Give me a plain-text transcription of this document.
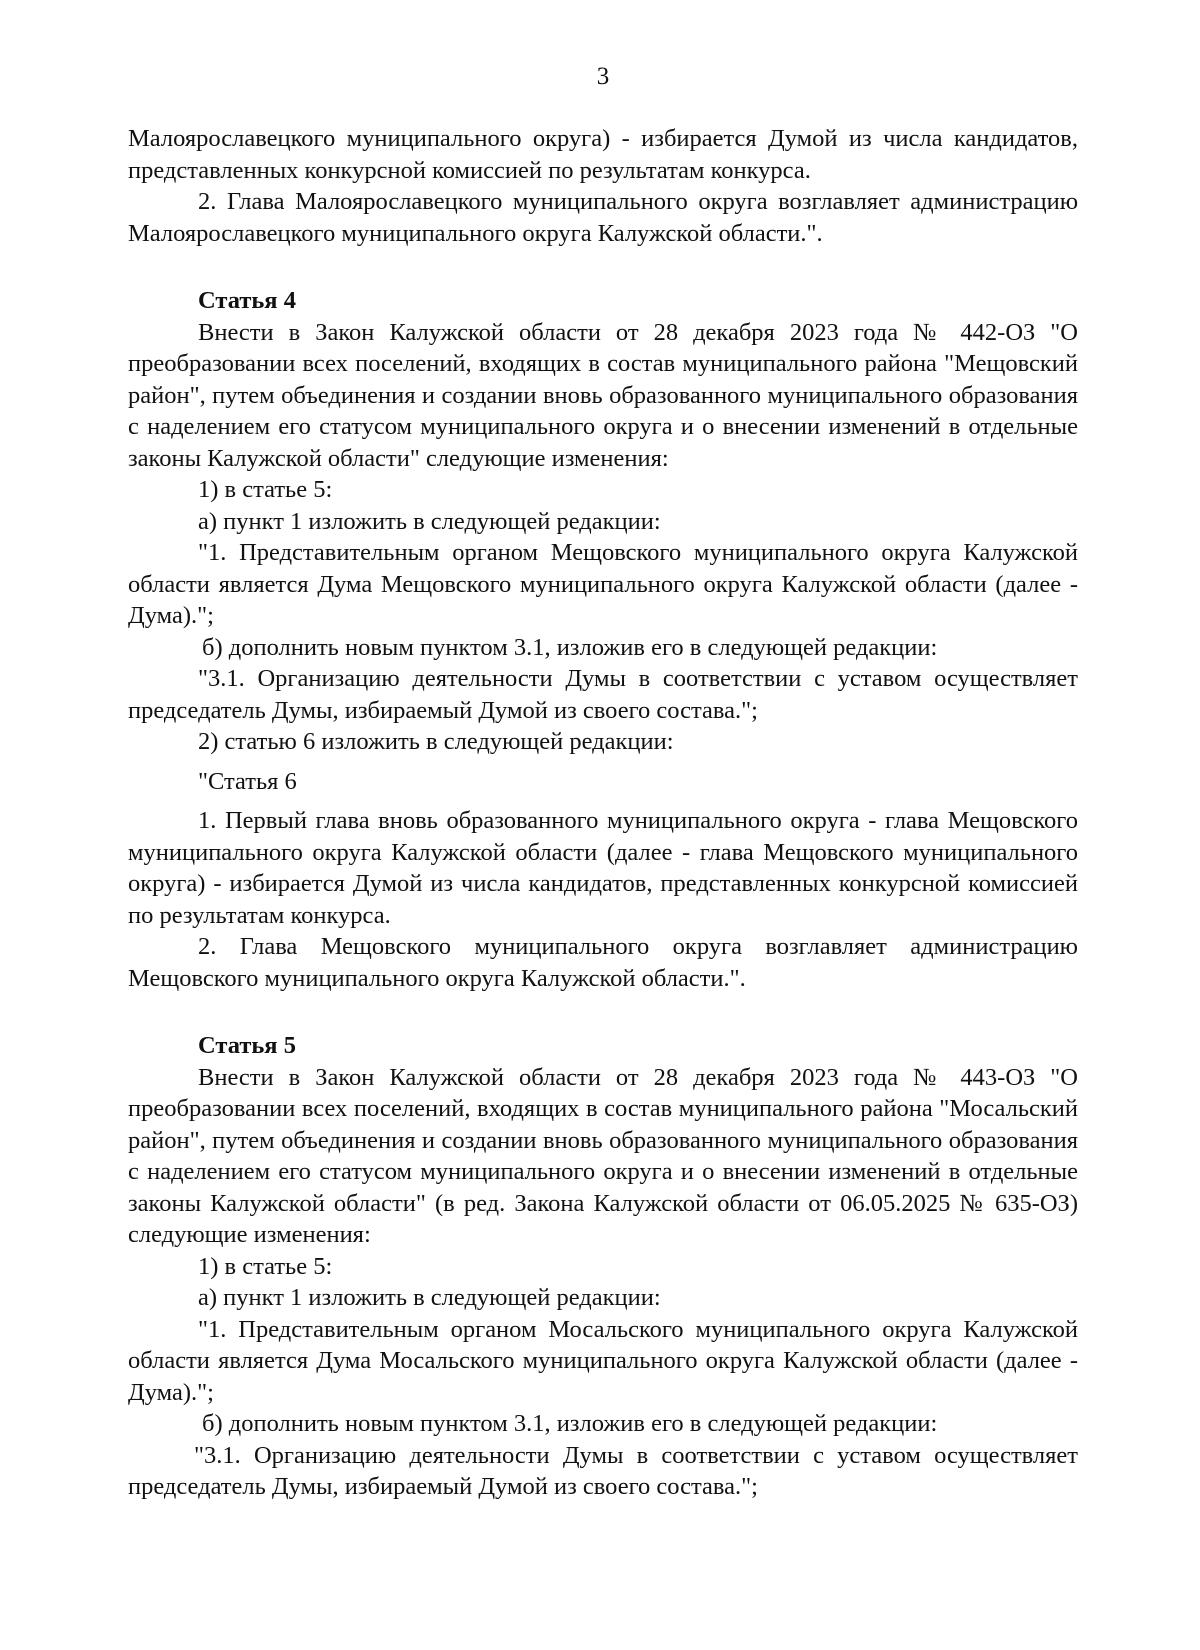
3

Малоярославецкого муниципального округа) - избирается Думой из числа кандидатов, представленных конкурсной комиссией по результатам конкурса.

2. Глава Малоярославецкого муниципального округа возглавляет администрацию Малоярославецкого муниципального округа Калужской области.".

Статья 4

Внести в Закон Калужской области от 28 декабря 2023 года № 442-ОЗ "О преобразовании всех поселений, входящих в состав муниципального района "Мещовский район", путем объединения и создании вновь образованного муниципального образования с наделением его статусом муниципального округа и о внесении изменений в отдельные законы Калужской области" следующие изменения:

1) в статье 5:

а) пункт 1 изложить в следующей редакции:

"1. Представительным органом Мещовского муниципального округа Калужской области является Дума Мещовского муниципального округа Калужской области (далее - Дума).";

б) дополнить новым пунктом 3.1, изложив его в следующей редакции:

"3.1. Организацию деятельности Думы в соответствии с уставом осуществляет председатель Думы, избираемый Думой из своего состава.";

2) статью 6 изложить в следующей редакции:

"Статья 6

1. Первый глава вновь образованного муниципального округа - глава Мещовского муниципального округа Калужской области (далее - глава Мещовского муниципального округа) - избирается Думой из числа кандидатов, представленных конкурсной комиссией по результатам конкурса.

2. Глава Мещовского муниципального округа возглавляет администрацию Мещовского муниципального округа Калужской области.".

Статья 5

Внести в Закон Калужской области от 28 декабря 2023 года № 443-ОЗ "О преобразовании всех поселений, входящих в состав муниципального района "Мосальский район", путем объединения и создании вновь образованного муниципального образования с наделением его статусом муниципального округа и о внесении изменений в отдельные законы Калужской области" (в ред. Закона Калужской области от 06.05.2025 № 635-ОЗ) следующие изменения:

1) в статье 5:

а) пункт 1 изложить в следующей редакции:

"1. Представительным органом Мосальского муниципального округа Калужской области является Дума Мосальского муниципального округа Калужской области (далее - Дума).";

б) дополнить новым пунктом 3.1, изложив его в следующей редакции:

"3.1. Организацию деятельности Думы в соответствии с уставом осуществляет председатель Думы, избираемый Думой из своего состава.";
